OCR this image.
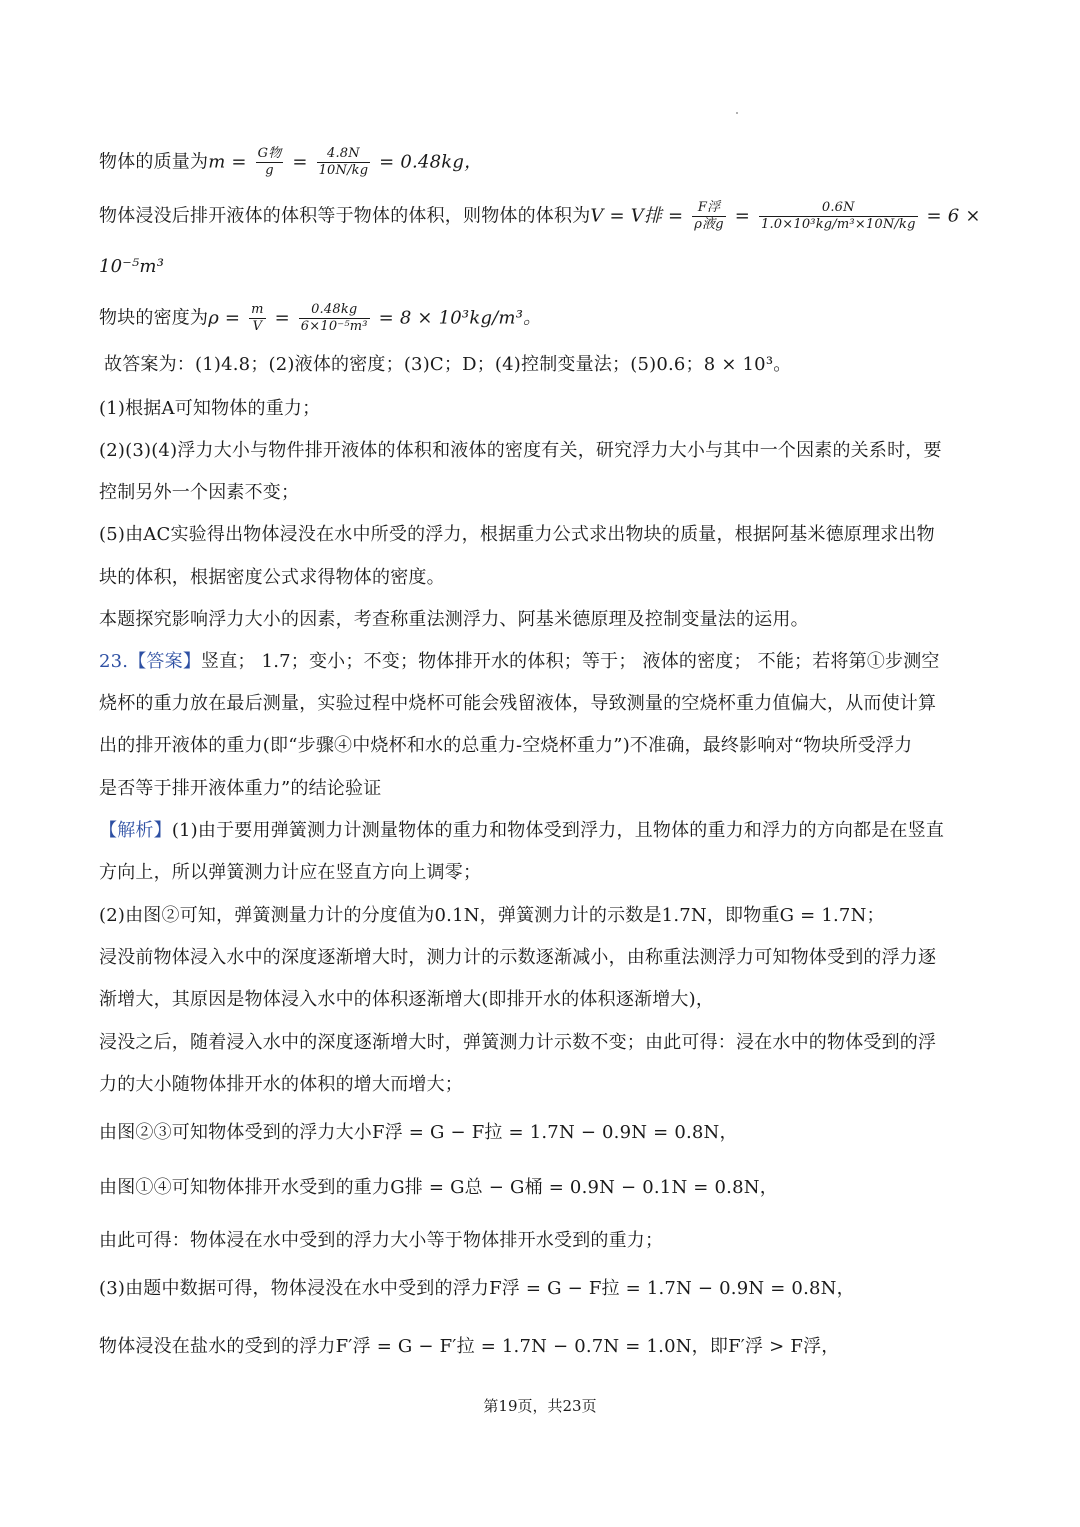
物体的质量为$m = \frac{\text{G物}}{g} = \frac{4.8N}{10N/kg} = 0.48kg$，
物体浸没后排开液体的体积等于物体的体积，则物体的体积为V = V排 = $\frac{\text{F浮}}{\text{ρ液g}} = \frac{0.6N}{\text{1.0×10³kg/m³×10N/kg}} = 6$ ×
10⁻⁵m³
物块的密度为$\rho = \frac{m}{V} = \frac{0.48kg}{\text{6×10⁻⁵m³}} = 8 \times 10^3kg/m^3$。
故答案为：(1)4.8；(2)液体的密度；(3)C；D；(4)控制变量法；(5)0.6；8 × 10³。
(1)根据A可知物体的重力；
(2)(3)(4)浮力大小与物件排开液体的体积和液体的密度有关，研究浮力大小与其中一个因素的关系时，要
控制另外一个因素不变；
(5)由AC实验得出物体浸没在水中所受的浮力，根据重力公式求出物块的质量，根据阿基米德原理求出物
块的体积，根据密度公式求得物体的密度。
本题探究影响浮力大小的因素，考查称重法测浮力、阿基米德原理及控制变量法的运用。
23.【答案】竖直； 1.7；变小；不变；物体排开水的体积；等于； 液体的密度； 不能；若将第①步测空
烧杯的重力放在最后测量，实验过程中烧杯可能会残留液体，导致测量的空烧杯重力值偏大，从而使计算
出的排开液体的重力(即“步骤④中烧杯和水的总重力-空烧杯重力”)不准确，最终影响对“物块所受浮力
是否等于排开液体重力”的结论验证
【解析】(1)由于要用弹簧测力计测量物体的重力和物体受到浮力，且物体的重力和浮力的方向都是在竖直
方向上，所以弹簧测力计应在竖直方向上调零；
(2)由图②可知，弹簧测量力计的分度值为0.1N，弹簧测力计的示数是1.7N，即物重G = 1.7N；
浸没前物体浸入水中的深度逐渐增大时，测力计的示数逐渐减小，由称重法测浮力可知物体受到的浮力逐
渐增大，其原因是物体浸入水中的体积逐渐增大(即排开水的体积逐渐增大)，
浸没之后，随着浸入水中的深度逐渐增大时，弹簧测力计示数不变；由此可得：浸在水中的物体受到的浮
力的大小随物体排开水的体积的增大而增大；
由图②③可知物体受到的浮力大小F浮 = G − F拉 = 1.7N − 0.9N = 0.8N，
由图①④可知物体排开水受到的重力G排 = G总 − G桶 = 0.9N − 0.1N = 0.8N，
由此可得：物体浸在水中受到的浮力大小等于物体排开水受到的重力；
(3)由题中数据可得，物体浸没在水中受到的浮力F浮 = G − F拉 = 1.7N − 0.9N = 0.8N，
物体浸没在盐水的受到的浮力F′浮 = G − F′拉 = 1.7N − 0.7N = 1.0N，即F′浮 > F浮，
第19页，共23页
